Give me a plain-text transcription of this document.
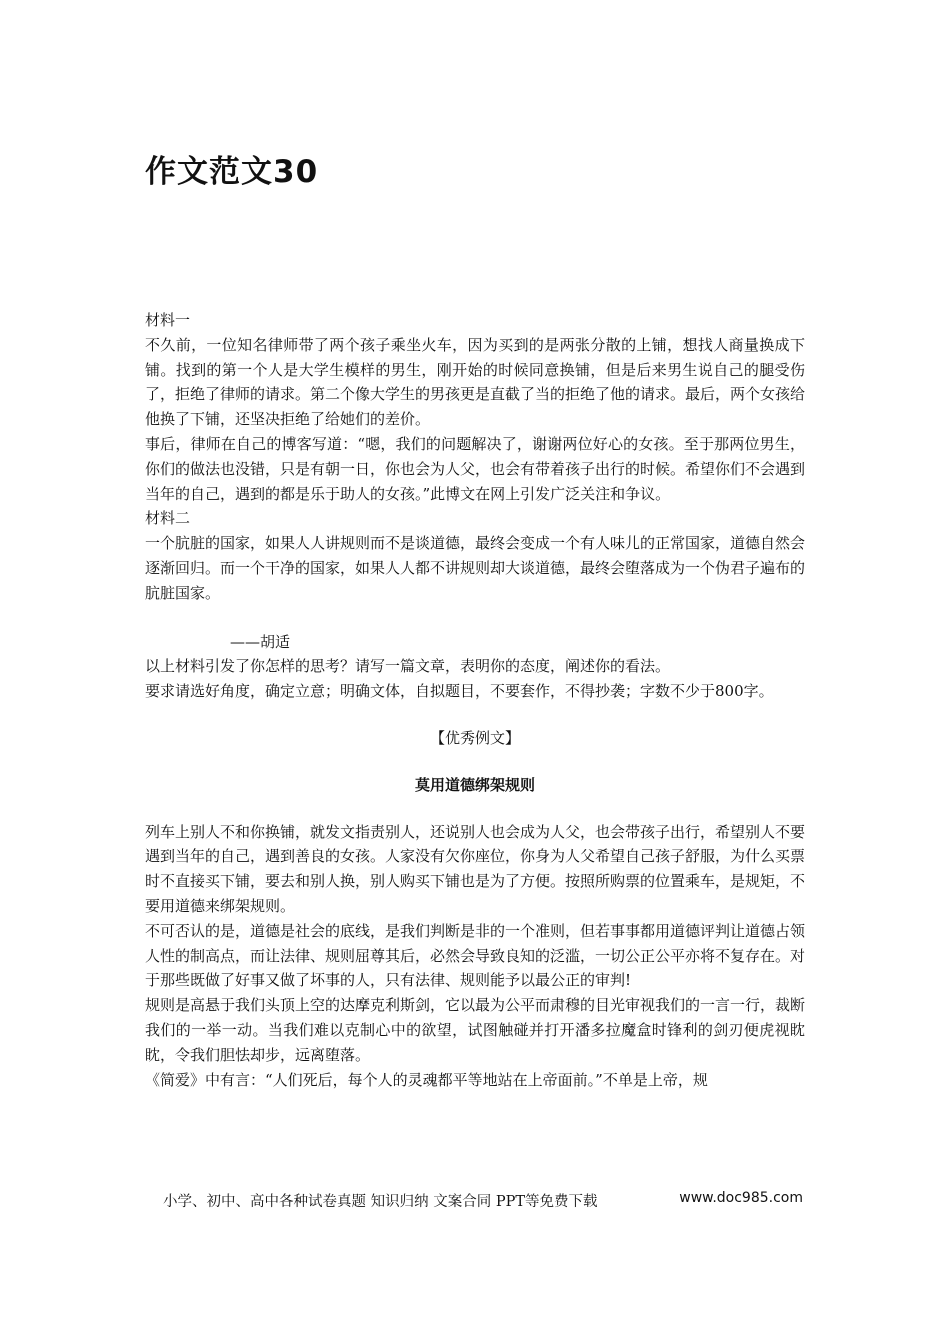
作文范文30

材料一

不久前，一位知名律师带了两个孩子乘坐火车，因为买到的是两张分散的上铺，想找人商量换成下铺。找到的第一个人是大学生模样的男生，刚开始的时候同意换铺，但是后来男生说自己的腿受伤了，拒绝了律师的请求。第二个像大学生的男孩更是直截了当的拒绝了他的请求。最后，两个女孩给他换了下铺，还坚决拒绝了给她们的差价。

事后，律师在自己的博客写道：“嗯，我们的问题解决了，谢谢两位好心的女孩。至于那两位男生，你们的做法也没错，只是有朝一日，你也会为人父，也会有带着孩子出行的时候。希望你们不会遇到当年的自己，遇到的都是乐于助人的女孩。”此博文在网上引发广泛关注和争议。

材料二

一个肮脏的国家，如果人人讲规则而不是谈道德，最终会变成一个有人味儿的正常国家，道德自然会逐渐回归。而一个干净的国家，如果人人都不讲规则却大谈道德，最终会堕落成为一个伪君子遍布的肮脏国家。

——胡适

以上材料引发了你怎样的思考？请写一篇文章，表明你的态度，阐述你的看法。

要求请选好角度，确定立意；明确文体，自拟题目，不要套作，不得抄袭；字数不少于800字。

【优秀例文】

莫用道德绑架规则

列车上别人不和你换铺，就发文指责别人，还说别人也会成为人父，也会带孩子出行，希望别人不要遇到当年的自己，遇到善良的女孩。人家没有欠你座位，你身为人父希望自己孩子舒服，为什么买票时不直接买下铺，要去和别人换，别人购买下铺也是为了方便。按照所购票的位置乘车，是规矩，不要用道德来绑架规则。

不可否认的是，道德是社会的底线，是我们判断是非的一个准则，但若事事都用道德评判让道德占领人性的制高点，而让法律、规则屈尊其后，必然会导致良知的泛滥，一切公正公平亦将不复存在。对于那些既做了好事又做了坏事的人，只有法律、规则能予以最公正的审判!

规则是高悬于我们头顶上空的达摩克利斯剑，它以最为公平而肃穆的目光审视我们的一言一行，裁断我们的一举一动。当我们难以克制心中的欲望，试图触碰并打开潘多拉魔盒时锋利的剑刃便虎视眈眈，令我们胆怯却步，远离堕落。

《简爱》中有言：“人们死后，每个人的灵魂都平等地站在上帝面前。”不单是上帝，规

小学、初中、高中各种试卷真题 知识归纳 文案合同 PPT等免费下载	www.doc985.com
